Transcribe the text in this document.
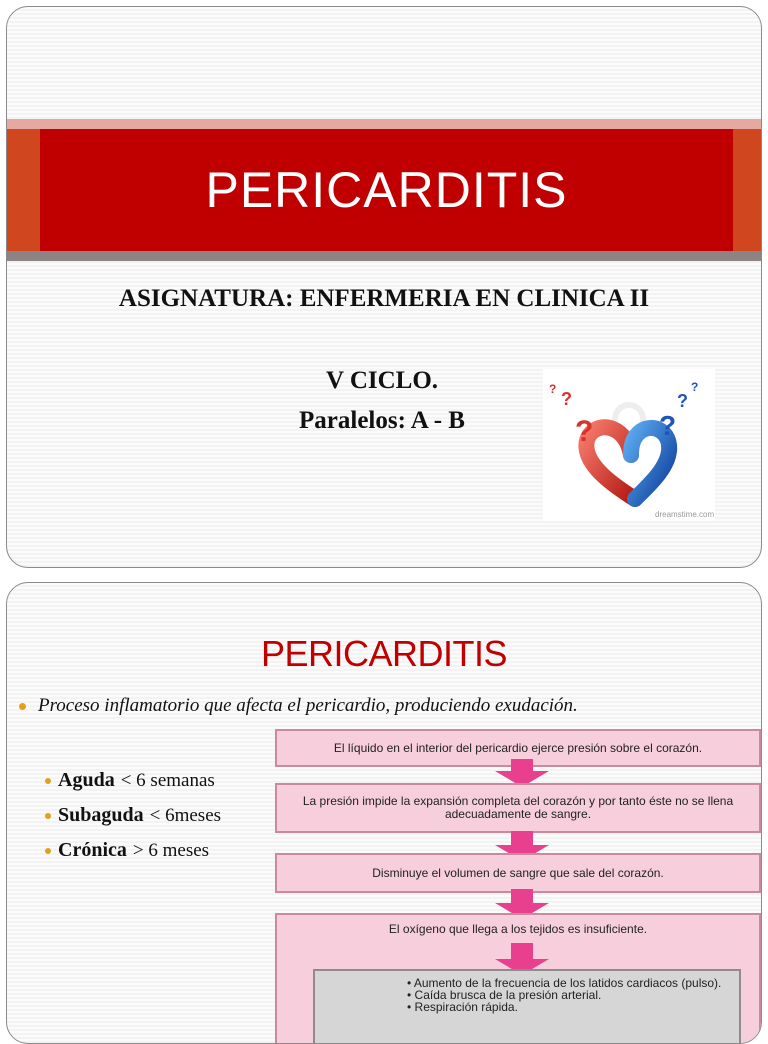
PERICARDITIS
ASIGNATURA: ENFERMERIA EN CLINICA II
V CICLO.
Paralelos: A - B
? ?
? ?
?
?
dreamstime.com
PERICARDITIS
Proceso inflamatorio que afecta el pericardio, produciendo exudación.
Aguda < 6 semanas
Subaguda < 6meses
Crónica > 6 meses
El líquido en el interior del pericardio ejerce presión sobre el corazón.
La presión impide la expansión completa del corazón y por tanto éste no se llena adecuadamente de sangre.
Disminuye el volumen de sangre que sale del corazón.
El oxígeno que llega a los tejidos es insuficiente.
• Aumento de la frecuencia de los latidos cardiacos (pulso).
• Caída brusca de la presión arterial.
• Respiración rápida.
